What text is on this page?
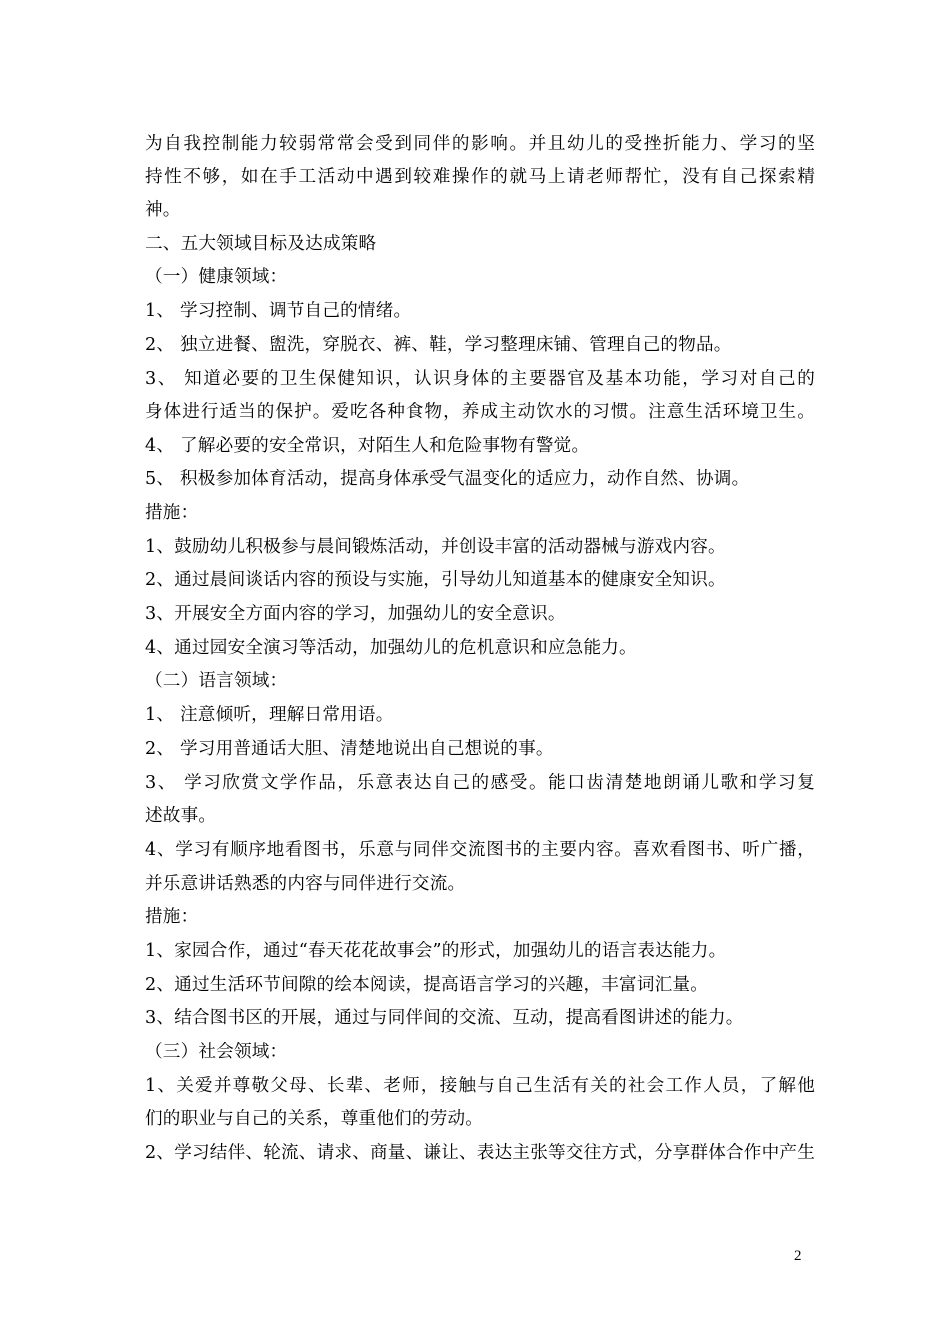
为自我控制能力较弱常常会受到同伴的影响。并且幼儿的受挫折能力、学习的坚
持性不够，如在手工活动中遇到较难操作的就马上请老师帮忙，没有自己探索精
神。
二、五大领域目标及达成策略
（一）健康领域：
1、 学习控制、调节自己的情绪。
2、 独立进餐、盥洗，穿脱衣、裤、鞋，学习整理床铺、管理自己的物品。
3、 知道必要的卫生保健知识，认识身体的主要器官及基本功能，学习对自己的
身体进行适当的保护。爱吃各种食物，养成主动饮水的习惯。注意生活环境卫生。
4、 了解必要的安全常识，对陌生人和危险事物有警觉。
5、 积极参加体育活动，提高身体承受气温变化的适应力，动作自然、协调。
措施：
1、鼓励幼儿积极参与晨间锻炼活动，并创设丰富的活动器械与游戏内容。
2、通过晨间谈话内容的预设与实施，引导幼儿知道基本的健康安全知识。
3、开展安全方面内容的学习，加强幼儿的安全意识。
4、通过园安全演习等活动，加强幼儿的危机意识和应急能力。
（二）语言领域：
1、 注意倾听，理解日常用语。
2、 学习用普通话大胆、清楚地说出自己想说的事。
3、 学习欣赏文学作品，乐意表达自己的感受。能口齿清楚地朗诵儿歌和学习复
述故事。
4、学习有顺序地看图书，乐意与同伴交流图书的主要内容。喜欢看图书、听广播，
并乐意讲话熟悉的内容与同伴进行交流。
措施：
1、家园合作，通过“春天花花故事会”的形式，加强幼儿的语言表达能力。
2、通过生活环节间隙的绘本阅读，提高语言学习的兴趣，丰富词汇量。
3、结合图书区的开展，通过与同伴间的交流、互动，提高看图讲述的能力。
（三）社会领域：
1、关爱并尊敬父母、长辈、老师，接触与自己生活有关的社会工作人员，了解他
们的职业与自己的关系，尊重他们的劳动。
2、学习结伴、轮流、请求、商量、谦让、表达主张等交往方式，分享群体合作中产生
2
